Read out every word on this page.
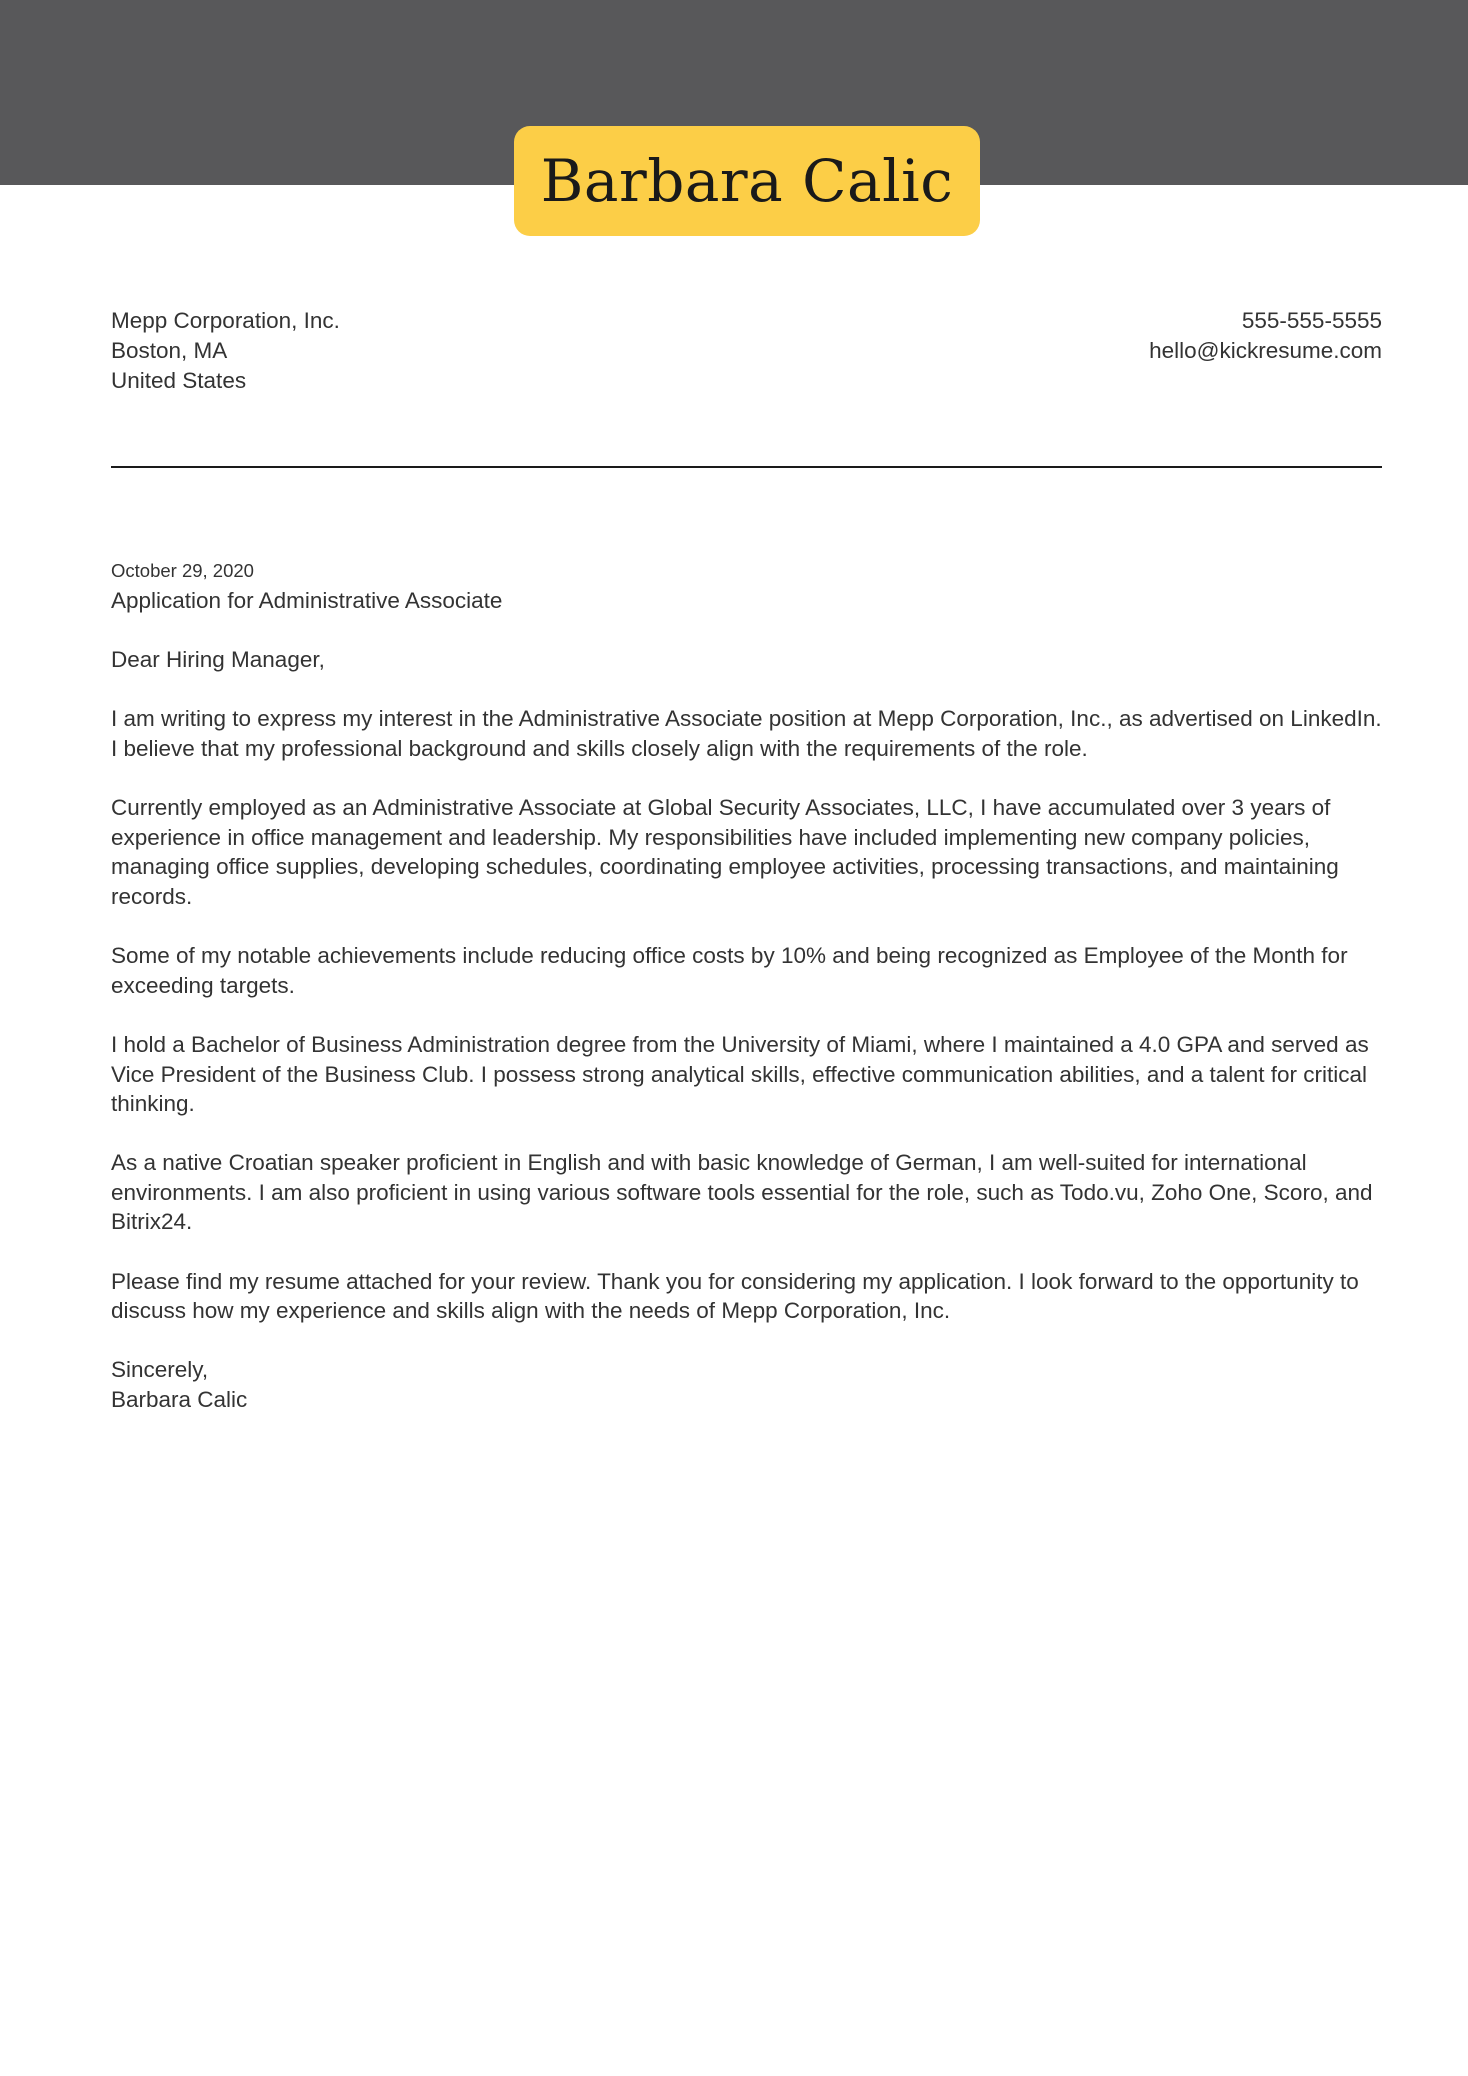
Barbara Calic
Mepp Corporation, Inc.
Boston, MA
United States
555-555-5555
hello@kickresume.com
October 29, 2020
Application for Administrative Associate
Dear Hiring Manager,
I am writing to express my interest in the Administrative Associate position at Mepp Corporation, Inc., as advertised on LinkedIn. I believe that my professional background and skills closely align with the requirements of the role.
Currently employed as an Administrative Associate at Global Security Associates, LLC, I have accumulated over 3 years of experience in office management and leadership. My responsibilities have included implementing new company policies, managing office supplies, developing schedules, coordinating employee activities, processing transactions, and maintaining records.
Some of my notable achievements include reducing office costs by 10% and being recognized as Employee of the Month for exceeding targets.
I hold a Bachelor of Business Administration degree from the University of Miami, where I maintained a 4.0 GPA and served as Vice President of the Business Club. I possess strong analytical skills, effective communication abilities, and a talent for critical thinking.
As a native Croatian speaker proficient in English and with basic knowledge of German, I am well-suited for international environments. I am also proficient in using various software tools essential for the role, such as Todo.vu, Zoho One, Scoro, and Bitrix24.
Please find my resume attached for your review. Thank you for considering my application. I look forward to the opportunity to discuss how my experience and skills align with the needs of Mepp Corporation, Inc.
Sincerely,
Barbara Calic
